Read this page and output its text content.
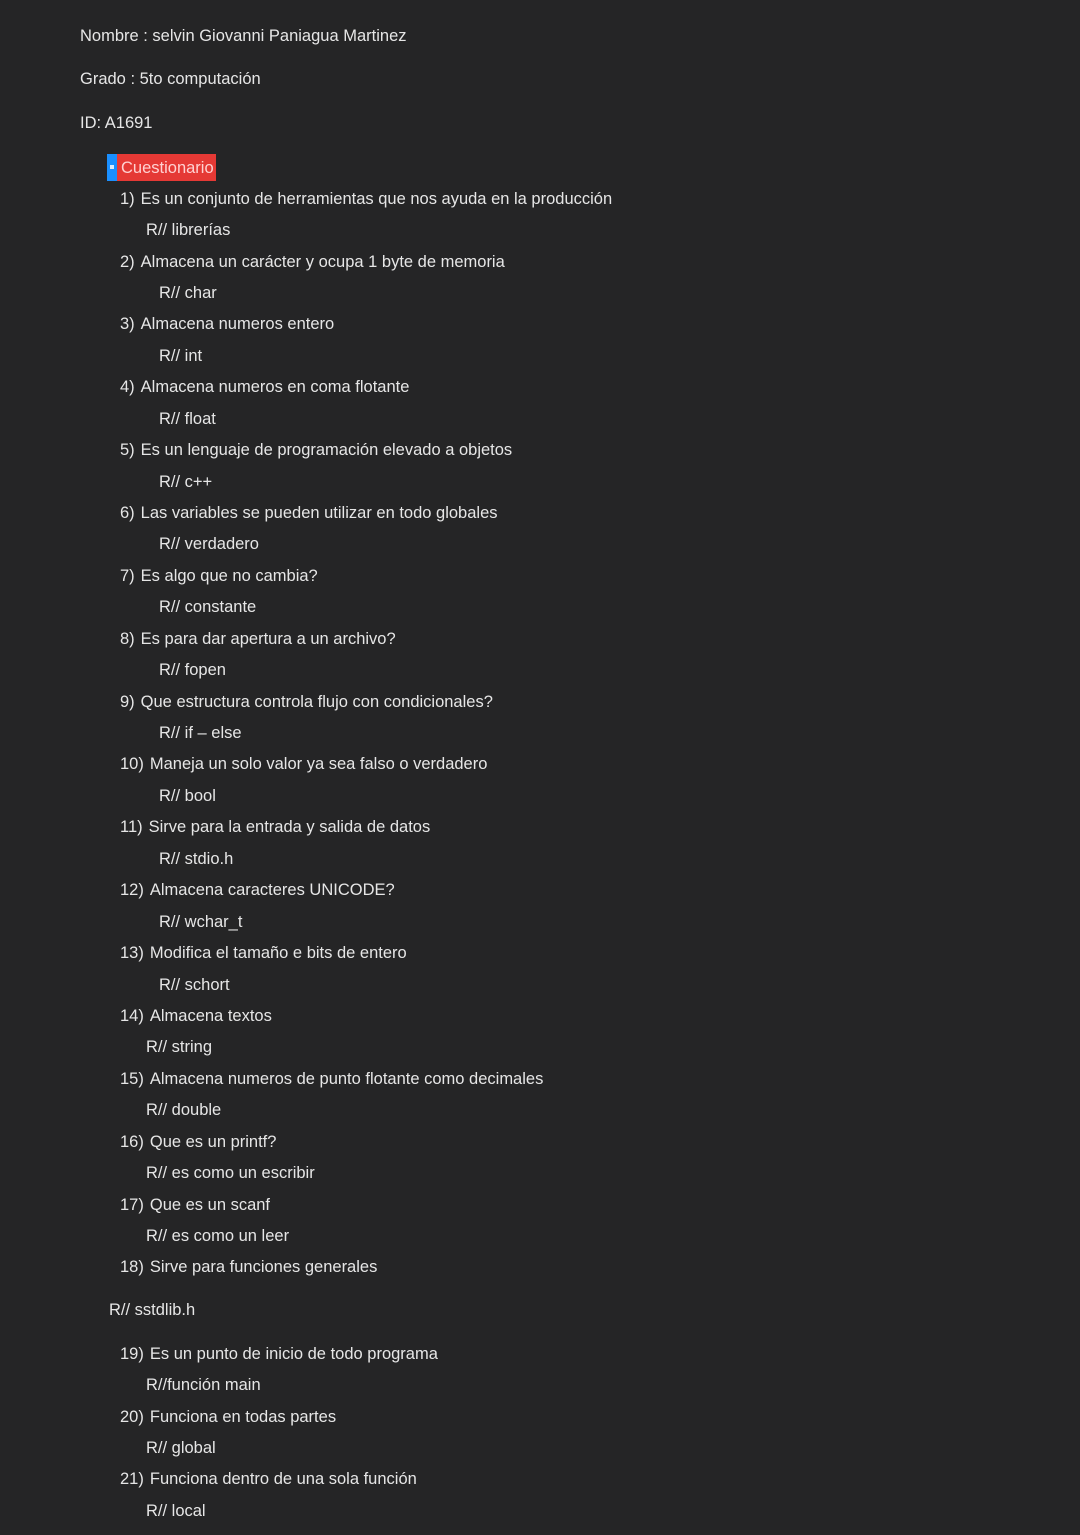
Nombre : selvin Giovanni Paniagua Martinez
Grado : 5to computación
ID: A1691
Cuestionario
1) Es un conjunto de herramientas que nos ayuda en la producción
R// librerías
2) Almacena un carácter y ocupa 1 byte de memoria
R// char
3) Almacena numeros entero
R// int
4) Almacena numeros en coma flotante
R// float
5) Es un lenguaje de programación elevado a objetos
R// c++
6) Las variables se pueden utilizar en todo globales
R// verdadero
7) Es algo que no cambia?
R// constante
8) Es para dar apertura a un archivo?
R// fopen
9) Que estructura controla flujo con condicionales?
R// if – else
10) Maneja un solo valor ya sea falso o verdadero
R// bool
11) Sirve para la entrada y salida de datos
R// stdio.h
12) Almacena caracteres UNICODE?
R// wchar_t
13) Modifica el tamaño e bits de entero
R// schort
14) Almacena textos
R// string
15) Almacena numeros de punto flotante como decimales
R// double
16) Que es un printf?
R// es como un escribir
17) Que es un scanf
R// es como un leer
18) Sirve para funciones generales
R// sstdlib.h
19) Es un punto de inicio de todo programa
R//función main
20) Funciona en todas partes
R// global
21) Funciona dentro de una sola función
R// local
